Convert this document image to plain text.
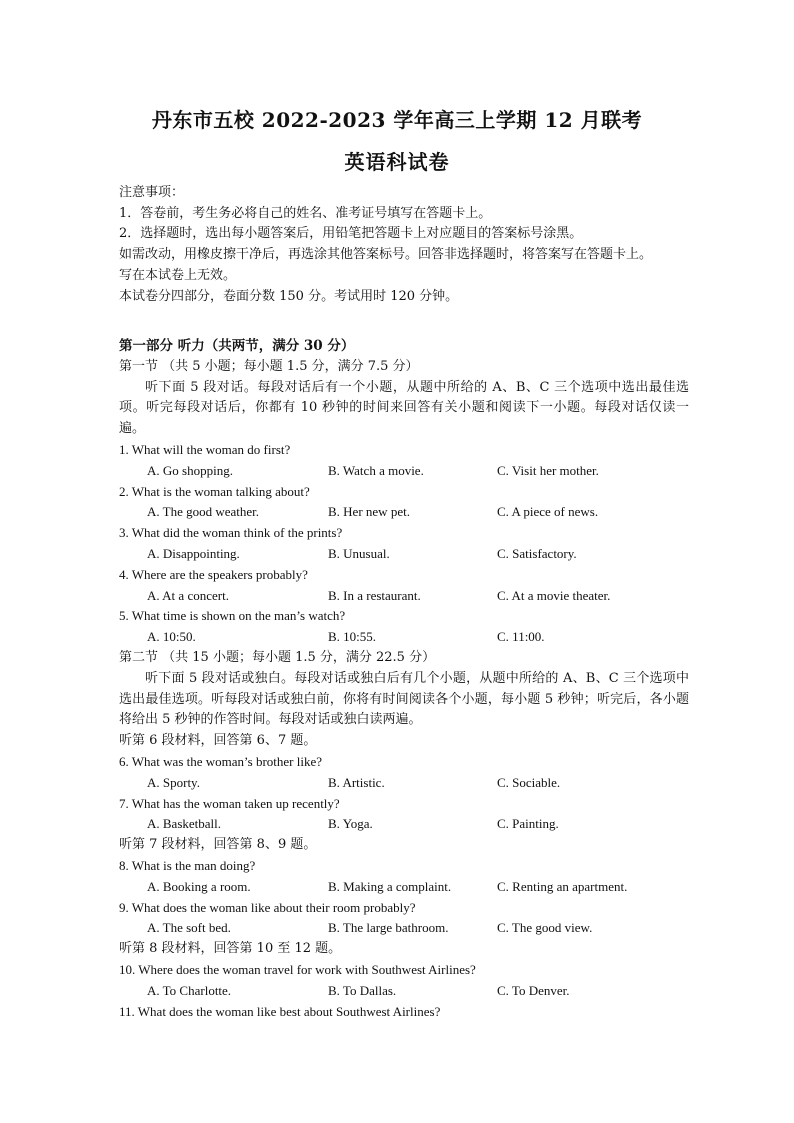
丹东市五校 2022-2023 学年高三上学期 12 月联考
英语科试卷
注意事项：
1．答卷前，考生务必将自己的姓名、准考证号填写在答题卡上。
2．选择题时，选出每小题答案后，用铅笔把答题卡上对应题目的答案标号涂黑。
如需改动，用橡皮擦干净后，再选涂其他答案标号。回答非选择题时，将答案写在答题卡上。
写在本试卷上无效。
本试卷分四部分，卷面分数 150 分。考试用时 120 分钟。
第一部分 听力（共两节，满分 30 分）
第一节 （共 5 小题；每小题 1.5 分，满分 7.5 分）
听下面 5 段对话。每段对话后有一个小题，从题中所给的 A、B、C 三个选项中选出最佳选项。听完每段对话后，你都有 10 秒钟的时间来回答有关小题和阅读下一小题。每段对话仅读一遍。
1. What will the woman do first?
A. Go shopping.	B. Watch a movie.	C. Visit her mother.
2. What is the woman talking about?
A. The good weather.	B. Her new pet.	C. A piece of news.
3. What did the woman think of the prints?
A. Disappointing.	B. Unusual.	C. Satisfactory.
4. Where are the speakers probably?
A. At a concert.	B. In a restaurant.	C. At a movie theater.
5. What time is shown on the man’s watch?
A. 10:50.	B. 10:55.	C. 11:00.
第二节 （共 15 小题；每小题 1.5 分，满分 22.5 分）
听下面 5 段对话或独白。每段对话或独白后有几个小题，从题中所给的 A、B、C 三个选项中选出最佳选项。听每段对话或独白前，你将有时间阅读各个小题，每小题 5 秒钟；听完后，各小题将给出 5 秒钟的作答时间。每段对话或独白读两遍。
听第 6 段材料，回答第 6、7 题。
6. What was the woman’s brother like?
A. Sporty.	B. Artistic.	C. Sociable.
7. What has the woman taken up recently?
A. Basketball.	B. Yoga.	C. Painting.
听第 7 段材料，回答第 8、9 题。
8. What is the man doing?
A. Booking a room.	B. Making a complaint.	C. Renting an apartment.
9. What does the woman like about their room probably?
A. The soft bed.	B. The large bathroom.	C. The good view.
听第 8 段材料，回答第 10 至 12 题。
10. Where does the woman travel for work with Southwest Airlines?
A. To Charlotte.	B. To Dallas.	C. To Denver.
11. What does the woman like best about Southwest Airlines?
